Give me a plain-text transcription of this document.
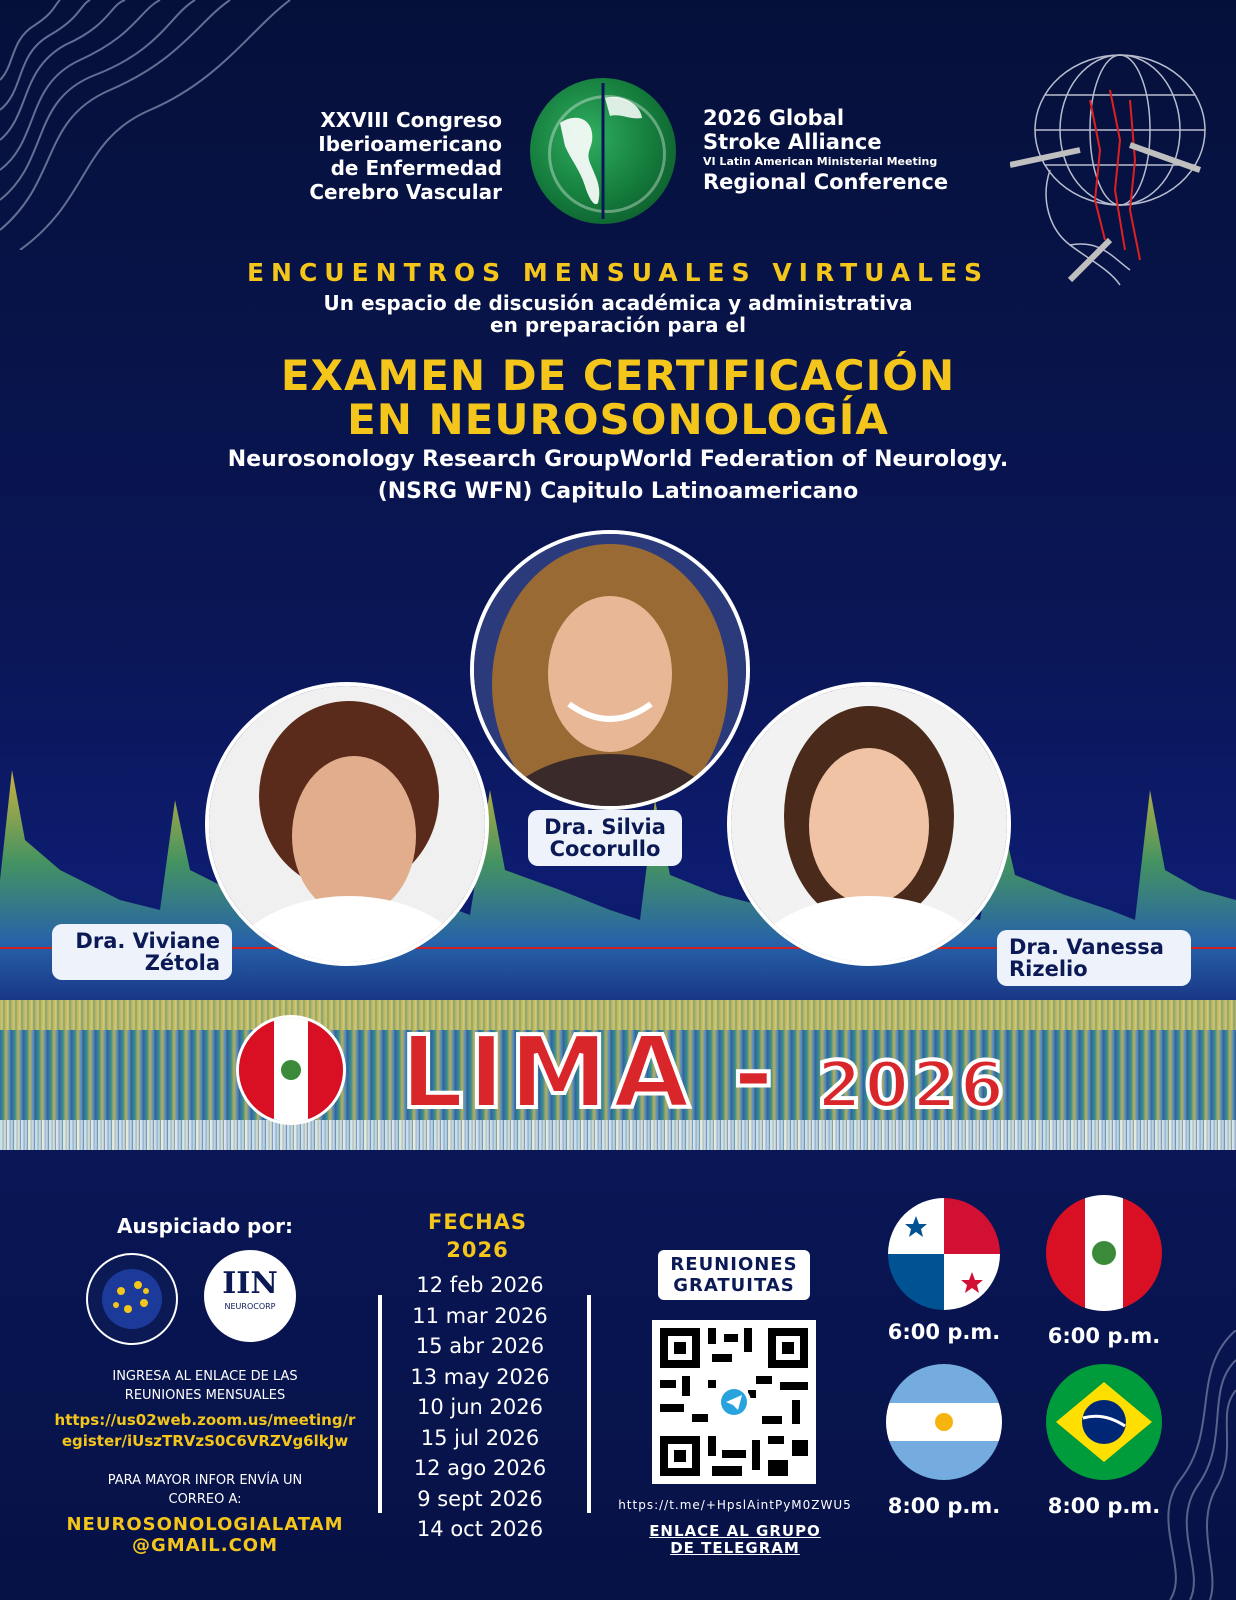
XXVIII Congreso
Iberioamericano
de Enfermedad
Cerebro Vascular
2026 Global
Stroke Alliance
VI Latin American Ministerial Meeting
Regional Conference
ENCUENTROS MENSUALES VIRTUALES
Un espacio de discusión académica y administrativa
en preparación para el
EXAMEN DE CERTIFICACIÓN
EN NEUROSONOLOGÍA
Neurosonology Research GroupWorld Federation of Neurology.
(NSRG WFN) Capitulo Latinoamericano
Dra. Viviane
Zétola
Dra. Silvia
Cocorullo
Dra. Vanessa
Rizelio
LIMA - 2026
Auspiciado por:
IIN
NEUROCORP
INGRESA AL ENLACE DE LAS
REUNIONES MENSUALES
https://us02web.zoom.us/meeting/r
egister/iUszTRVzS0C6VRZVg6lkJw
PARA MAYOR INFOR ENVÍA UN
CORREO A:
NEUROSONOLOGIALATAM
@GMAIL.COM
FECHAS
2026
12 feb 2026
11 mar 2026
15 abr 2026
13 may 2026
10 jun 2026
15 jul 2026
12 ago 2026
9 sept 2026
14 oct 2026
REUNIONES
GRATUITAS
https://t.me/+HpslAintPyM0ZWU5
ENLACE AL GRUPO
DE TELEGRAM
6:00 p.m.	6:00 p.m.
8:00 p.m.	8:00 p.m.
